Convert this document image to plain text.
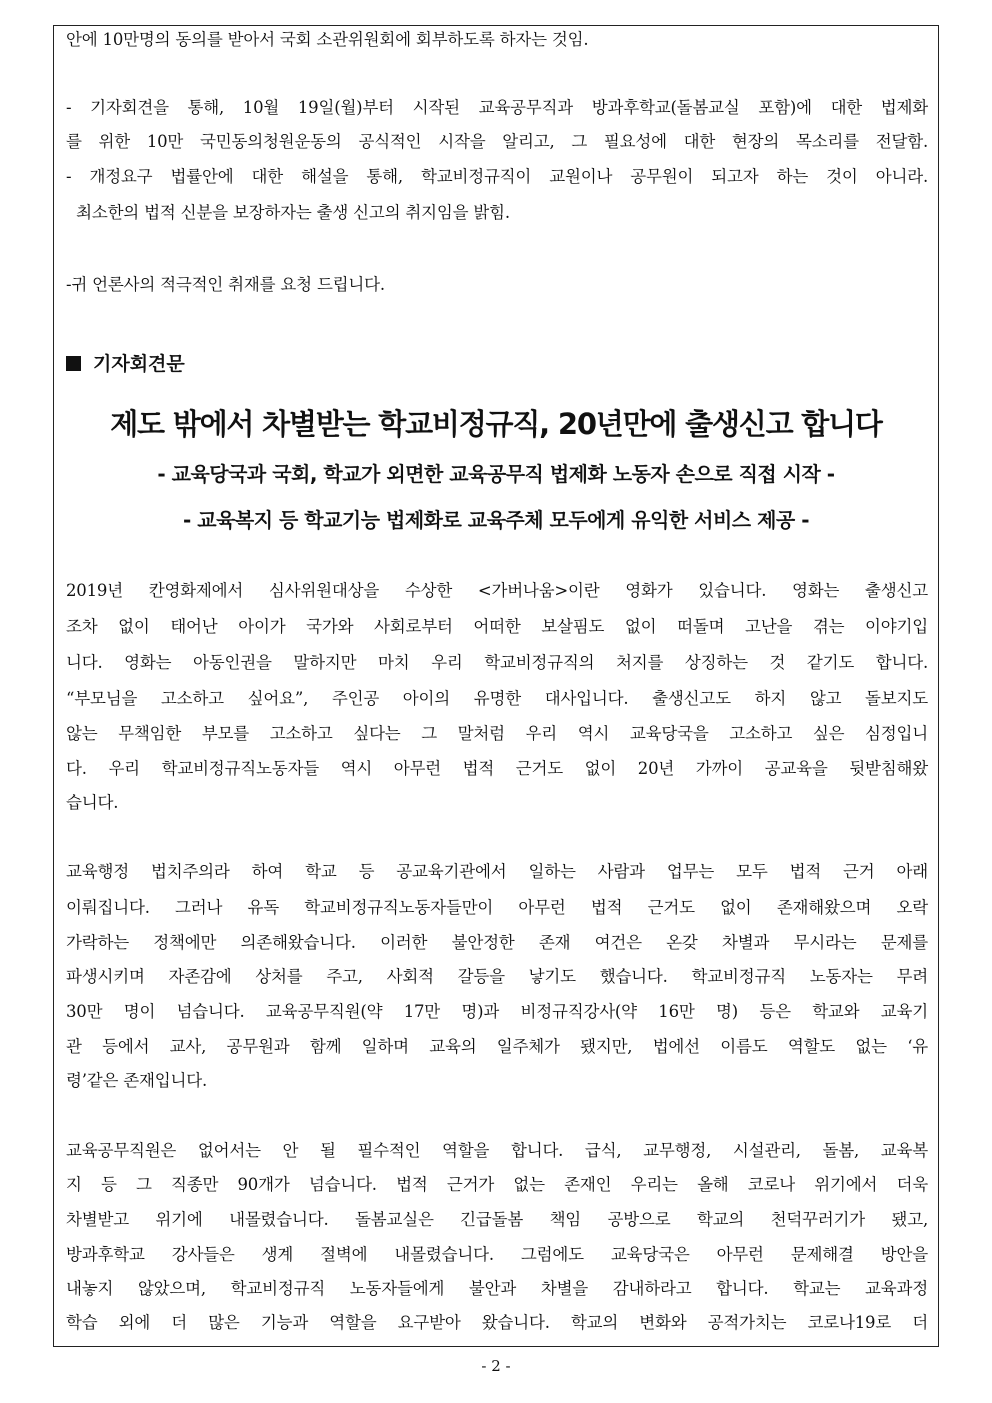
안에 10만명의 동의를 받아서 국회 소관위원회에 회부하도록 하자는 것임.
- 기자회견을 통해, 10월 19일(월)부터 시작된 교육공무직과 방과후학교(돌봄교실 포함)에 대한 법제화
를 위한 10만 국민동의청원운동의 공식적인 시작을 알리고, 그 필요성에 대한 현장의 목소리를 전달함.
- 개정요구 법률안에 대한 해설을 통해, 학교비정규직이 교원이나 공무원이 되고자 하는 것이 아니라.
최소한의 법적 신분을 보장하자는 출생 신고의 취지임을 밝힘.
-귀 언론사의 적극적인 취재를 요청 드립니다.
기자회견문
제도 밖에서 차별받는 학교비정규직, 20년만에 출생신고 합니다
- 교육당국과 국회, 학교가 외면한 교육공무직 법제화 노동자 손으로 직접 시작 -
- 교육복지 등 학교기능 법제화로 교육주체 모두에게 유익한 서비스 제공 -
2019년 칸영화제에서 심사위원대상을 수상한 <가버나움>이란 영화가 있습니다. 영화는 출생신고
조차 없이 태어난 아이가 국가와 사회로부터 어떠한 보살핌도 없이 떠돌며 고난을 겪는 이야기입
니다. 영화는 아동인권을 말하지만 마치 우리 학교비정규직의 처지를 상징하는 것 같기도 합니다.
“부모님을 고소하고 싶어요”, 주인공 아이의 유명한 대사입니다. 출생신고도 하지 않고 돌보지도
않는 무책임한 부모를 고소하고 싶다는 그 말처럼 우리 역시 교육당국을 고소하고 싶은 심정입니
다. 우리 학교비정규직노동자들 역시 아무런 법적 근거도 없이 20년 가까이 공교육을 뒷받침해왔
습니다.
교육행정 법치주의라 하여 학교 등 공교육기관에서 일하는 사람과 업무는 모두 법적 근거 아래
이뤄집니다. 그러나 유독 학교비정규직노동자들만이 아무런 법적 근거도 없이 존재해왔으며 오락
가락하는 정책에만 의존해왔습니다. 이러한 불안정한 존재 여건은 온갖 차별과 무시라는 문제를
파생시키며 자존감에 상처를 주고, 사회적 갈등을 낳기도 했습니다. 학교비정규직 노동자는 무려
30만 명이 넘습니다. 교육공무직원(약 17만 명)과 비정규직강사(약 16만 명) 등은 학교와 교육기
관 등에서 교사, 공무원과 함께 일하며 교육의 일주체가 됐지만, 법에선 이름도 역할도 없는 ‘유
령’같은 존재입니다.
교육공무직원은 없어서는 안 될 필수적인 역할을 합니다. 급식, 교무행정, 시설관리, 돌봄, 교육복
지 등 그 직종만 90개가 넘습니다. 법적 근거가 없는 존재인 우리는 올해 코로나 위기에서 더욱
차별받고 위기에 내몰렸습니다. 돌봄교실은 긴급돌봄 책임 공방으로 학교의 천덕꾸러기가 됐고,
방과후학교 강사들은 생계 절벽에 내몰렸습니다. 그럼에도 교육당국은 아무런 문제해결 방안을
내놓지 않았으며, 학교비정규직 노동자들에게 불안과 차별을 감내하라고 합니다. 학교는 교육과정
학습 외에 더 많은 기능과 역할을 요구받아 왔습니다. 학교의 변화와 공적가치는 코로나19로 더
- 2 -
